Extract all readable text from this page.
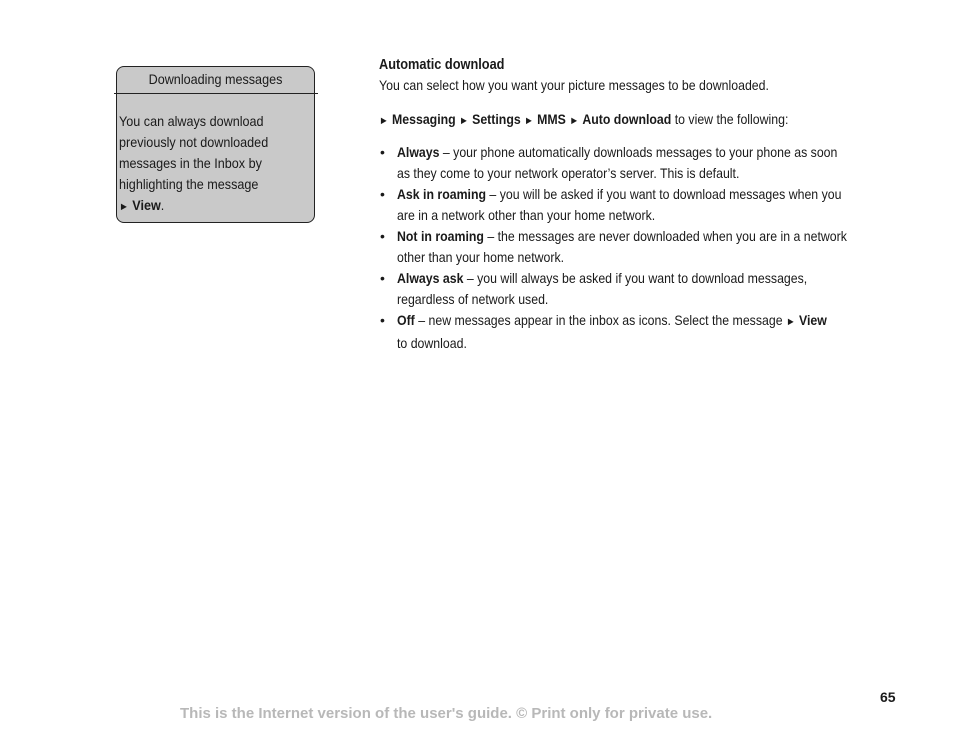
Downloading messages
You can always download
previously not downloaded
messages in the Inbox by
highlighting the message
► View.
Automatic download
You can select how you want your picture messages to be downloaded.
► Messaging ► Settings ► MMS ► Auto download to view the following:
• Always – your phone automatically downloads messages to your phone as soon
as they come to your network operator’s server. This is default.
• Ask in roaming – you will be asked if you want to download messages when you
are in a network other than your home network.
• Not in roaming – the messages are never downloaded when you are in a network
other than your home network.
• Always ask – you will always be asked if you want to download messages,
regardless of network used.
• Off – new messages appear in the inbox as icons. Select the message ► View
to download.
65
This is the Internet version of the user's guide. © Print only for private use.
